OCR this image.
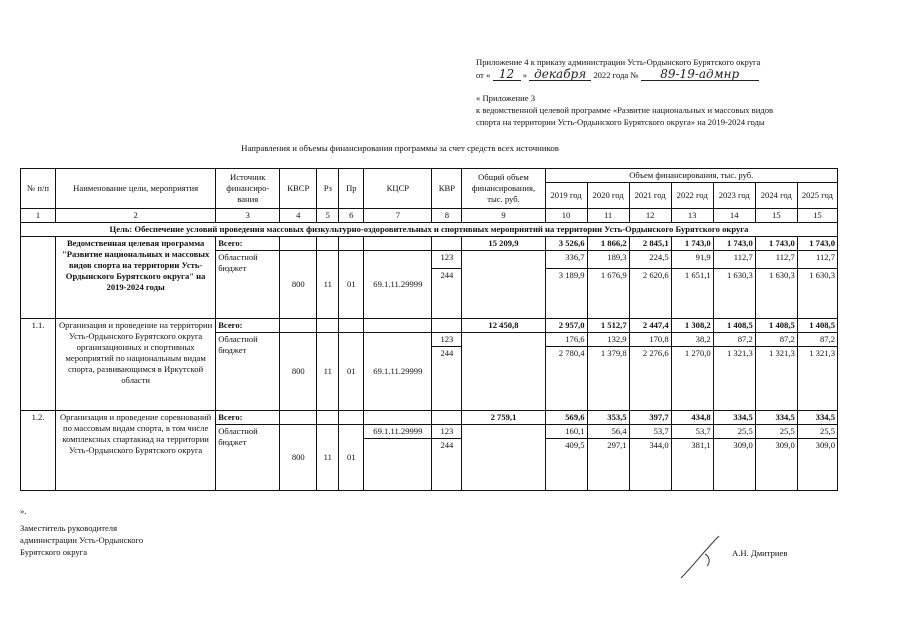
Приложение 4 к приказу администрации Усть-Ордынского Бурятского округа
от « 12 » декабря 2022 года № 89-19-адмнр
« Приложение 3
к ведомственной целевой программе «Развитие национальных и массовых видов
спорта на территории Усть-Ордынского Бурятского округа» на 2019-2024 годы
Направления и объемы финансирования программы за счет средств всех источников
№ п/п	Наименование цели, мероприятия	Источник финансиро-вания	КВСР	Рз	Пр	КЦСР	КВР	Общий объем финансирования, тыс. руб.	Объем финансирования, тыс. руб.						
									2019 год	2020 год	2021 год	2022 год	2023 год	2024 год	2025 год
1	2	3	4	5	6	7	8	9	10	11	12	13	14	15	15
Цель: Обеспечение условий проведения массовых физкультурно-оздоровительных и спортивных мероприятий на территории Усть-Ордынского Бурятского округа															
	Ведомственная целевая программа "Развитие национальных и массовых видов спорта на территории Усть-Ордынского Бурятского округа" на 2019-2024 годы	Всего:						15 209,9	3 526,6	1 866,2	2 845,1	1 743,0	1 743,0	1 743,0	1 743,0
		Областной бюджет	800	11	01	69.1.11.29999	123		336,7	189,3	224,5	91,9	112,7	112,7	112,7
							244		3 189,9	1 676,9	2 620,6	1 651,1	1 630,3	1 630,3	1 630,3
1.1.	Организация и проведение на территории Усть-Ордынского Бурятского округа организационных и спортивных мероприятий по национальным видам спорта, развивающимся в Иркутской области	Всего:						12 450,8	2 957,0	1 512,7	2 447,4	1 308,2	1 408,5	1 408,5	1 408,5
		Областной бюджет	800	11	01	69.1.11.29999	123		176,6	132,9	170,8	38,2	87,2	87,2	87,2
							244		2 780,4	1 379,8	2 276,6	1 270,0	1 321,3	1 321,3	1 321,3
1.2.	Организация и проведение соревнований по массовым видам спорта, в том числе комплексных спартакиад на территории Усть-Ордынского Бурятского округа	Всего:						2 759,1	569,6	353,5	397,7	434,8	334,5	334,5	334,5
		Областной бюджет	800	11	01	69.1.11.29999	123		160,1	56,4	53,7	53,7	25,5	25,5	25,5
							244		409,5	297,1	344,0	381,1	309,0	309,0	309,0
».
Заместитель руководителя
администрации Усть-Ордынского
Бурятского округа	А.Н. Дмитриев
